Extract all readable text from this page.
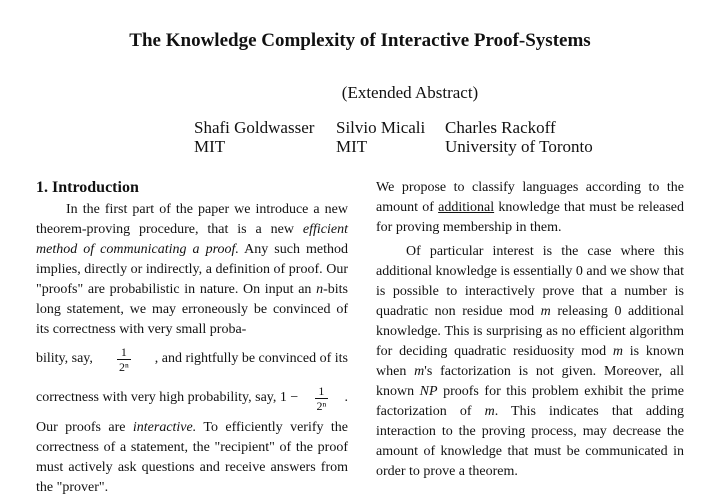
The Knowledge Complexity of Interactive Proof-Systems
(Extended Abstract)
Shafi Goldwasser
MIT
Silvio Micali
MIT
Charles Rackoff
University of Toronto
1. Introduction

In the first part of the paper we introduce a new theorem-proving procedure, that is a new efficient method of communicating a proof. Any such method implies, directly or indirectly, a definition of proof. Our "proofs" are probabilistic in nature. On input an n-bits long statement, we may erroneously be convinced of its correctness with very small proba-

bility, say, $\frac{1}{\text{2ⁿ}}$ , and rightfully be convinced of its
correctness with very high probability, say, $1 - \frac{1}{\text{2ⁿ}}$ .

Our proofs are interactive. To efficiently verify the correctness of a statement, the "recipient" of the proof must actively ask questions and receive answers from the "prover".

We propose to classify languages according to the amount of additional knowledge that must be released for proving membership in them.

Of particular interest is the case where this additional knowledge is essentially 0 and we show that is possible to interactively prove that a number is quadratic non residue mod m releasing 0 additional knowledge. This is surprising as no efficient algorithm for deciding quadratic residuosity mod m is known when m's factorization is not given. Moreover, all known NP proofs for this problem exhibit the prime factorization of m. This indicates that adding interaction to the proving process, may decrease the amount of knowledge that must be communicated in order to prove a theorem.
